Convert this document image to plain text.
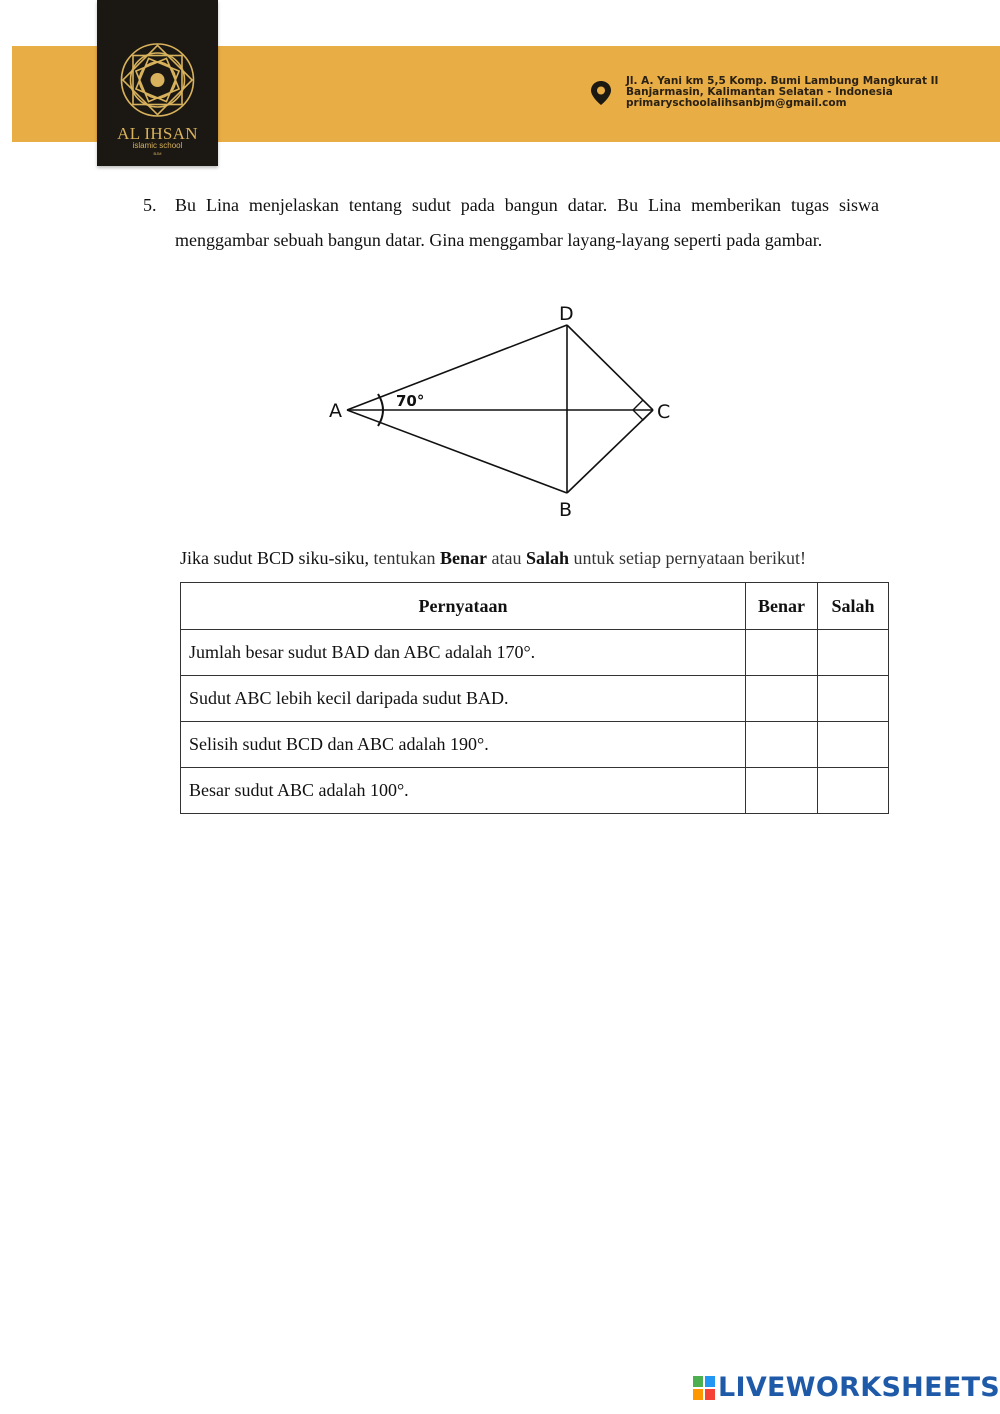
AL IHSAN
islamic school
BJM
Jl. A. Yani km 5,5 Komp. Bumi Lambung Mangkurat II
Banjarmasin, Kalimantan Selatan - Indonesia
primaryschoolalihsanbjm@gmail.com
5. Bu Lina menjelaskan tentang sudut pada bangun datar. Bu Lina memberikan tugas siswa menggambar sebuah bangun datar. Gina menggambar layang-layang seperti pada gambar.
A
D
C
B
70°
Jika sudut BCD siku-siku, tentukan Benar atau Salah untuk setiap pernyataan berikut!
Pernyataan	Benar	Salah
Jumlah besar sudut BAD dan ABC adalah 170°.		
Sudut ABC lebih kecil daripada sudut BAD.		
Selisih sudut BCD dan ABC adalah 190°.		
Besar sudut ABC adalah 100°.		
LIVEWORKSHEETS
